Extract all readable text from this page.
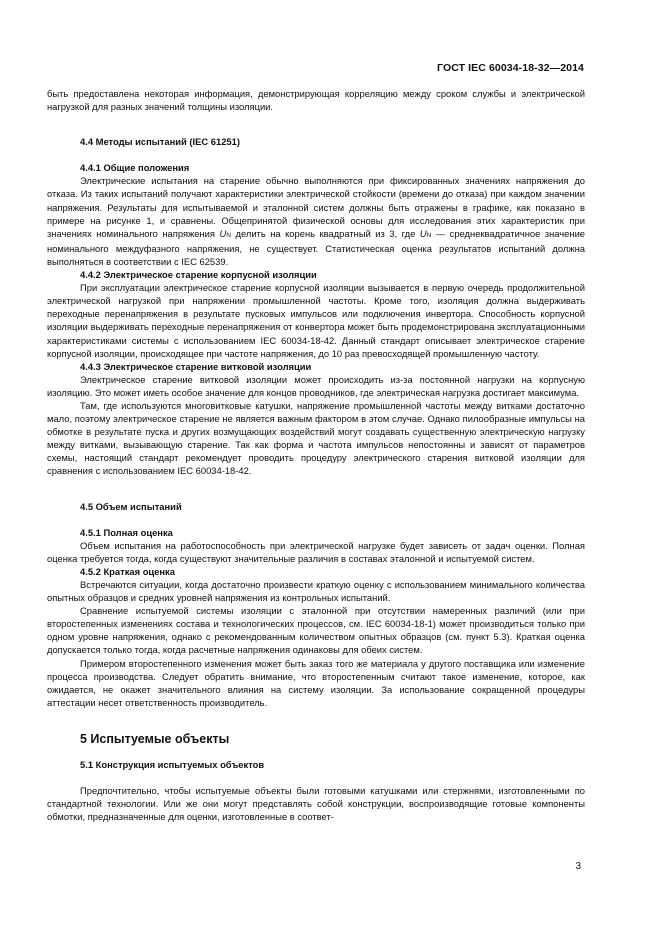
ГОСТ IEC 60034-18-32—2014

быть предоставлена некоторая информация, демонстрирующая корреляцию между сроком службы и электрической нагрузкой для разных значений толщины изоляции.

4.4 Методы испытаний (IEC 61251)

4.4.1 Общие положения

Электрические испытания на старение обычно выполняются при фиксированных значениях напряжения до отказа. Из таких испытаний получают характеристики электрической стойкости (времени до отказа) при каждом значении напряжения. Результаты для испытываемой и эталонной систем должны быть отражены в графике, как показано в примере на рисунке 1, и сравнены. Общепринятой физической основы для исследования этих характеристик при значениях номинального напряжения UN делить на корень квадратный из 3, где UN — среднеквадратичное значение номинального междуфазного напряжения, не существует. Статистическая оценка результатов испытаний должна выполняться в соответствии с IEC 62539.

4.4.2 Электрическое старение корпусной изоляции

При эксплуатации электрическое старение корпусной изоляции вызывается в первую очередь продолжительной электрической нагрузкой при напряжении промышленной частоты. Кроме того, изоляция должна выдерживать переходные перенапряжения в результате пусковых импульсов или подключения инвертора. Способность корпусной изоляции выдерживать переходные перенапряжения от конвертора может быть продемонстрирована эксплуатационными характеристиками системы с использованием IEC 60034-18-42. Данный стандарт описывает электрическое старение корпусной изоляции, происходящее при частоте напряжения, до 10 раз превосходящей промышленную частоту.

4.4.3 Электрическое старение витковой изоляции

Электрическое старение витковой изоляции может происходить из-за постоянной нагрузки на корпусную изоляцию. Это может иметь особое значение для концов проводников, где электрическая нагрузка достигает максимума.

Там, где используются многовитковые катушки, напряжение промышленной частоты между витками достаточно мало, поэтому электрическое старение не является важным фактором в этом случае. Однако пилообразные импульсы на обмотке в результате пуска и других возмущающих воздействий могут создавать существенную электрическую нагрузку между витками, вызывающую старение. Так как форма и частота импульсов непостоянны и зависят от параметров схемы, настоящий стандарт рекомендует проводить процедуру электрического старения витковой изоляции для сравнения с использованием IEC 60034-18-42.

4.5 Объем испытаний

4.5.1 Полная оценка

Объем испытания на работоспособность при электрической нагрузке будет зависеть от задач оценки. Полная оценка требуется тогда, когда существуют значительные различия в составах эталонной и испытуемой систем.

4.5.2 Краткая оценка

Встречаются ситуации, когда достаточно произвести краткую оценку с использованием минимального количества опытных образцов и средних уровней напряжения из контрольных испытаний.

Сравнение испытуемой системы изоляции с эталонной при отсутствии намеренных различий (или при второстепенных изменениях состава и технологических процессов, см. IEC 60034-18-1) может производиться только при одном уровне напряжения, однако с рекомендованным количеством опытных образцов (см. пункт 5.3). Краткая оценка допускается только тогда, когда расчетные напряжения одинаковы для обеих систем.

Примером второстепенного изменения может быть заказ того же материала у другого поставщика или изменение процесса производства. Следует обратить внимание, что второстепенным считают такое изменение, которое, как ожидается, не окажет значительного влияния на систему изоляции. За использование сокращенной процедуры аттестации несет ответственность производитель.

5 Испытуемые объекты

5.1 Конструкция испытуемых объектов

Предпочтительно, чтобы испытуемые объекты были готовыми катушками или стержнями, изготовленными по стандартной технологии. Или же они могут представлять собой конструкции, воспроизводящие готовые компоненты обмотки, предназначенные для оценки, изготовленные в соответ-

3
